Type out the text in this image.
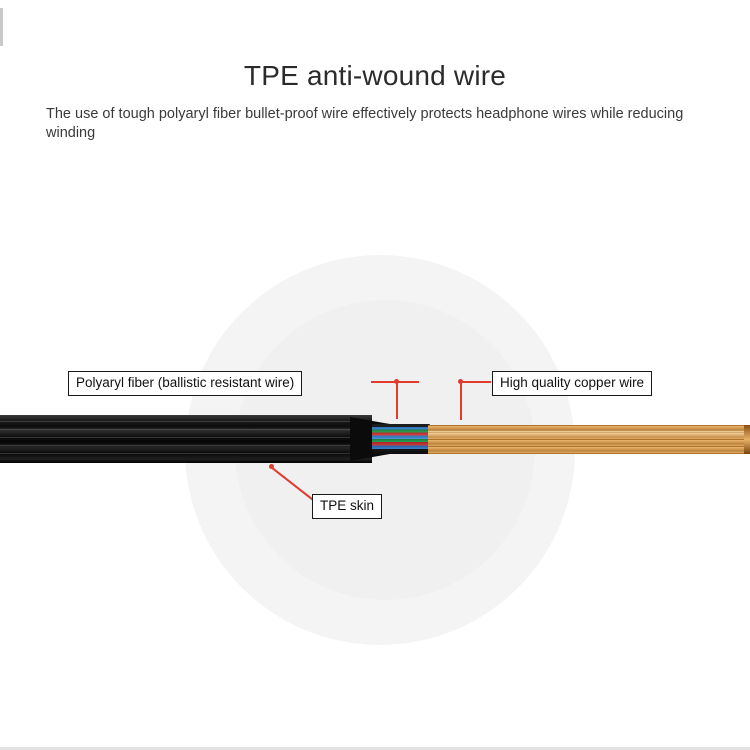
TPE anti-wound wire
The use of tough polyaryl fiber bullet-proof wire effectively protects headphone wires while reducing winding
Polyaryl fiber (ballistic resistant wire)	High quality copper wire
TPE skin
